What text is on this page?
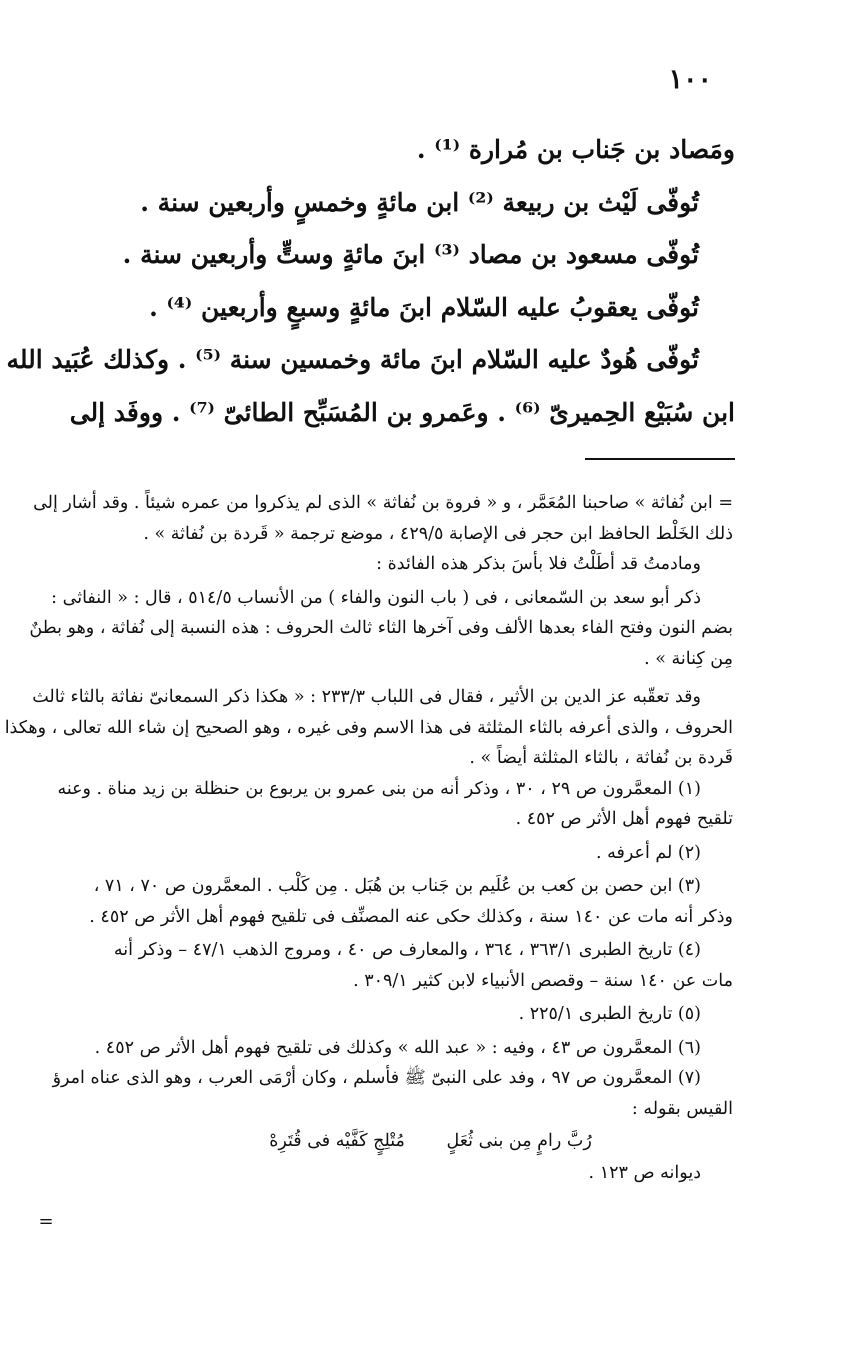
١٠٠
ومَصاد بن جَناب بن مُرارة ⁽¹⁾ .
تُوفّى لَيْث بن ربيعة ⁽²⁾ ابن مائةٍ وخمسٍ وأربعين سنة .
تُوفّى مسعود بن مصاد ⁽³⁾ ابنَ مائةٍ وستٍّ وأربعين سنة .
تُوفّى يعقوبُ عليه السّلام ابنَ مائةٍ وسبعٍ وأربعين ⁽⁴⁾ .
تُوفّى هُودٌ عليه السّلام ابنَ مائة وخمسين سنة ⁽⁵⁾ . وكذلك عُبَيد الله
ابن سُبَيْع الحِميرىّ ⁽⁶⁾ . وعَمرو بن المُسَبِّح الطائىّ ⁽⁷⁾ . ووفَد إلى
= ابن نُفاثة » صاحبنا المُعَمَّر ، و « فروة بن نُفاثة » الذى لم يذكروا من عمره شيئاً . وقد أشار إلى
ذلك الخَلْط الحافظ ابن حجر فى الإصابة ٤٢٩/٥ ، موضع ترجمة « قَردة بن نُفاثة » .
ومادمتُ قد أطَلْتُ فلا بأسَ بذكر هذه الفائدة :
ذكر أبو سعد بن السّمعانى ، فى ( باب النون والفاء ) من الأنساب ٥١٤/٥ ، قال : « النفاثى :
بضم النون وفتح الفاء بعدها الألف وفى آخرها الثاء ثالث الحروف : هذه النسبة إلى نُفاثة ، وهو بطنٌ
مِن كِنانة » .
وقد تعقّبه عز الدين بن الأثير ، فقال فى اللباب ٢٣٣/٣ : « هكذا ذكر السمعانىّ نفاثة بالثاء ثالث
الحروف ، والذى أعرفه بالثاء المثلثة فى هذا الاسم وفى غيره ، وهو الصحيح إن شاء الله تعالى ، وهكذا
قَردة بن نُفاثة ، بالثاء المثلثة أيضاً » .
(١) المعمَّرون ص ٢٩ ، ٣٠ ، وذكر أنه من بنى عمرو بن يربوع بن حنظلة بن زيد مناة . وعنه
تلقيح فهوم أهل الأثر ص ٤٥٢ .
(٢) لم أعرفه .
(٣) ابن حصن بن كعب بن عُلَيم بن جَناب بن هُبَل . مِن كَلْب . المعمَّرون ص ٧٠ ، ٧١ ،
وذكر أنه مات عن ١٤٠ سنة ، وكذلك حكى عنه المصنِّف فى تلقيح فهوم أهل الأثر ص ٤٥٢ .
(٤) تاريخ الطبرى ٣٦٣/١ ، ٣٦٤ ، والمعارف ص ٤٠ ، ومروج الذهب ٤٧/١ – وذكر أنه
مات عن ١٤٠ سنة – وقصص الأنبياء لابن كثير ٣٠٩/١ .
(٥) تاريخ الطبرى ٢٢٥/١ .
(٦) المعمَّرون ص ٤٣ ، وفيه : « عبد الله » وكذلك فى تلقيح فهوم أهل الأثر ص ٤٥٢ .
(٧) المعمَّرون ص ٩٧ ، وفد على النبىّ ﷺ فأسلم ، وكان أرْمَى العرب ، وهو الذى عناه امرؤ
القيس بقوله :
رُبَّ رامٍ مِن بنى ثُعَلٍ مُتْلِجٍ كَفَّيْه فى قُتَرِهْ
ديوانه ص ١٢٣ .
=
